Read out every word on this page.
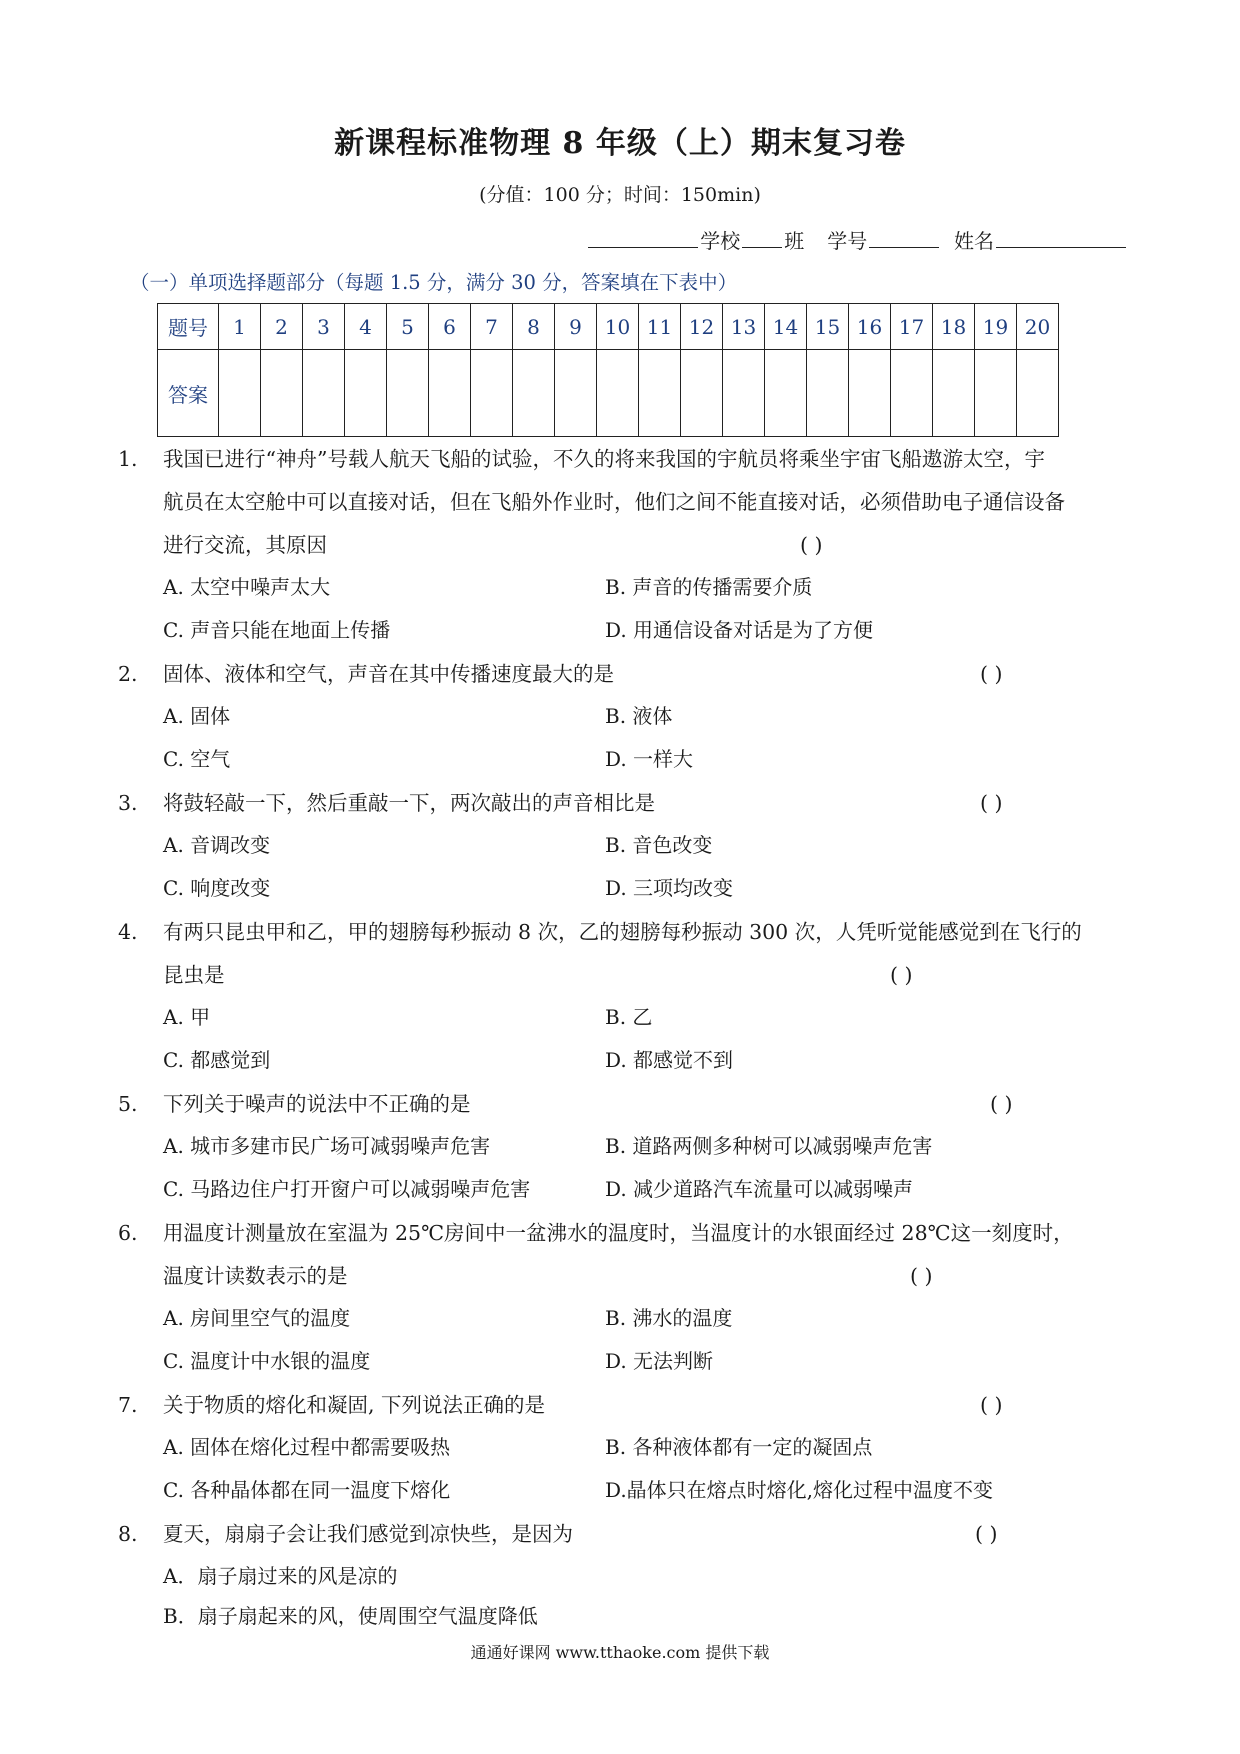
新课程标准物理 8 年级（上）期末复习卷
(分值：100 分；时间：150min)
学校 班 学号	姓名
（一）单项选择题部分（每题 1.5 分，满分 30 分，答案填在下表中）
题号	1	2	3	4	5	6	7	8	9	10	11	12	13	14	15	16	17	18	19	20
答案																				
1.	我国已进行“神舟”号载人航天飞船的试验，不久的将来我国的宇航员将乘坐宇宙飞船遨游太空，宇
航员在太空舱中可以直接对话，但在飞船外作业时，他们之间不能直接对话，必须借助电子通信设备
进行交流，其原因	( )
A. 太空中噪声太大	B. 声音的传播需要介质
C. 声音只能在地面上传播	D. 用通信设备对话是为了方便
2.	固体、液体和空气，声音在其中传播速度最大的是	( )
A. 固体	B. 液体
C. 空气	D. 一样大
3.	将鼓轻敲一下，然后重敲一下，两次敲出的声音相比是	( )
A. 音调改变	B. 音色改变
C. 响度改变	D. 三项均改变
4.	有两只昆虫甲和乙，甲的翅膀每秒振动 8 次，乙的翅膀每秒振动 300 次，人凭听觉能感觉到在飞行的
昆虫是	( )
A. 甲	B. 乙
C. 都感觉到	D. 都感觉不到
5.	下列关于噪声的说法中不正确的是	( )
A. 城市多建市民广场可减弱噪声危害	B. 道路两侧多种树可以减弱噪声危害
C. 马路边住户打开窗户可以减弱噪声危害	D. 减少道路汽车流量可以减弱噪声
6.	用温度计测量放在室温为 25℃房间中一盆沸水的温度时，当温度计的水银面经过 28℃这一刻度时，
温度计读数表示的是	( )
A. 房间里空气的温度	B. 沸水的温度
C. 温度计中水银的温度	D. 无法判断
7.	关于物质的熔化和凝固, 下列说法正确的是	( )
A. 固体在熔化过程中都需要吸热	B. 各种液体都有一定的凝固点
C. 各种晶体都在同一温度下熔化	D.晶体只在熔点时熔化,熔化过程中温度不变
8.	夏天，扇扇子会让我们感觉到凉快些，是因为	( )
A．扇子扇过来的风是凉的
B．扇子扇起来的风，使周围空气温度降低
通通好课网 www.tthaoke.com 提供下载
